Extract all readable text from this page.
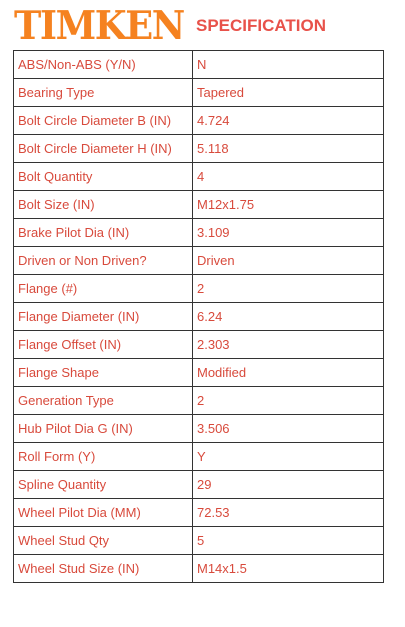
TIMKEN SPECIFICATION
ABS/Non-ABS (Y/N)	N
Bearing Type	Tapered
Bolt Circle Diameter B (IN)	4.724
Bolt Circle Diameter H (IN)	5.118
Bolt Quantity	4
Bolt Size (IN)	M12x1.75
Brake Pilot Dia (IN)	3.109
Driven or Non Driven?	Driven
Flange (#)	2
Flange Diameter (IN)	6.24
Flange Offset (IN)	2.303
Flange Shape	Modified
Generation Type	2
Hub Pilot Dia G (IN)	3.506
Roll Form (Y)	Y
Spline Quantity	29
Wheel Pilot Dia (MM)	72.53
Wheel Stud Qty	5
Wheel Stud Size (IN)	M14x1.5
